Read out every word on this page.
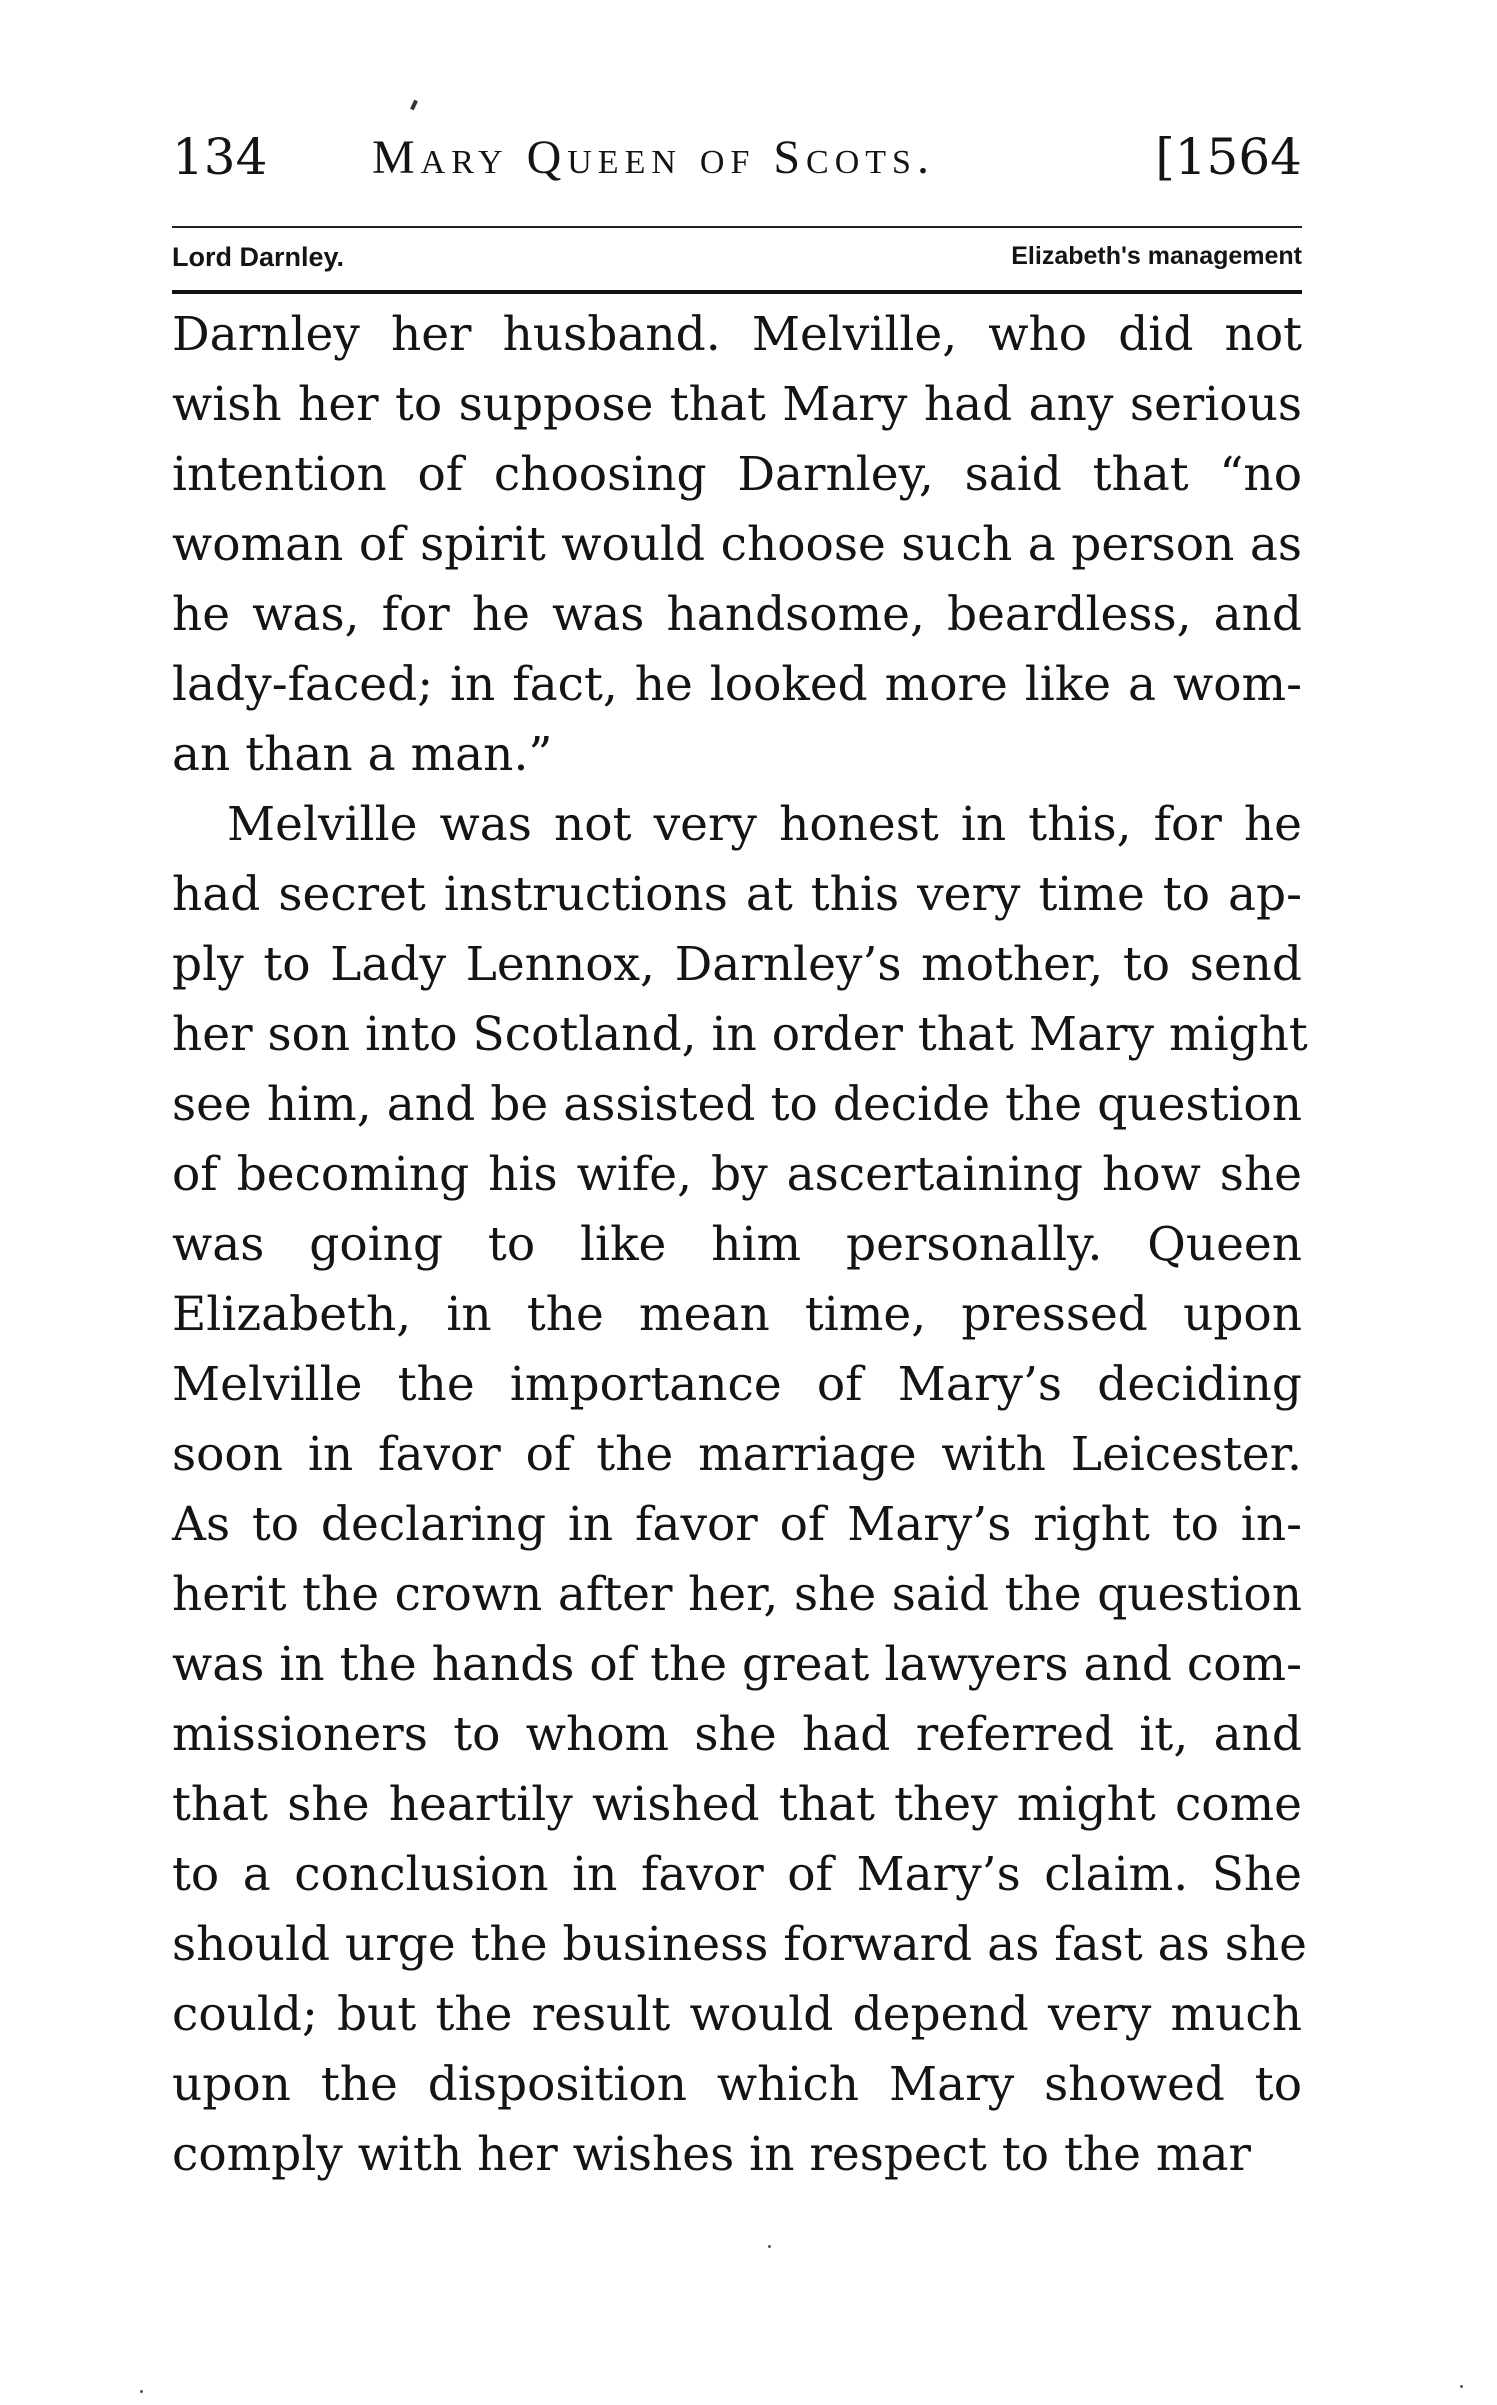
134 Mary Queen of Scots.	[1564
Lord Darnley.	Elizabeth's management
Darnley her husband. Melville, who did not
wish her to suppose that Mary had any serious
intention of choosing Darnley, said that “no
woman of spirit would choose such a person as
he was, for he was handsome, beardless, and
lady-faced; in fact, he looked more like a wom-
an than a man.”
Melville was not very honest in this, for he
had secret instructions at this very time to ap-
ply to Lady Lennox, Darnley’s mother, to send
her son into Scotland, in order that Mary might
see him, and be assisted to decide the question
of becoming his wife, by ascertaining how she
was going to like him personally. Queen
Elizabeth, in the mean time, pressed upon
Melville the importance of Mary’s deciding
soon in favor of the marriage with Leicester.
As to declaring in favor of Mary’s right to in-
herit the crown after her, she said the question
was in the hands of the great lawyers and com-
missioners to whom she had referred it, and
that she heartily wished that they might come
to a conclusion in favor of Mary’s claim. She
should urge the business forward as fast as she
could; but the result would depend very much
upon the disposition which Mary showed to
comply with her wishes in respect to the mar
